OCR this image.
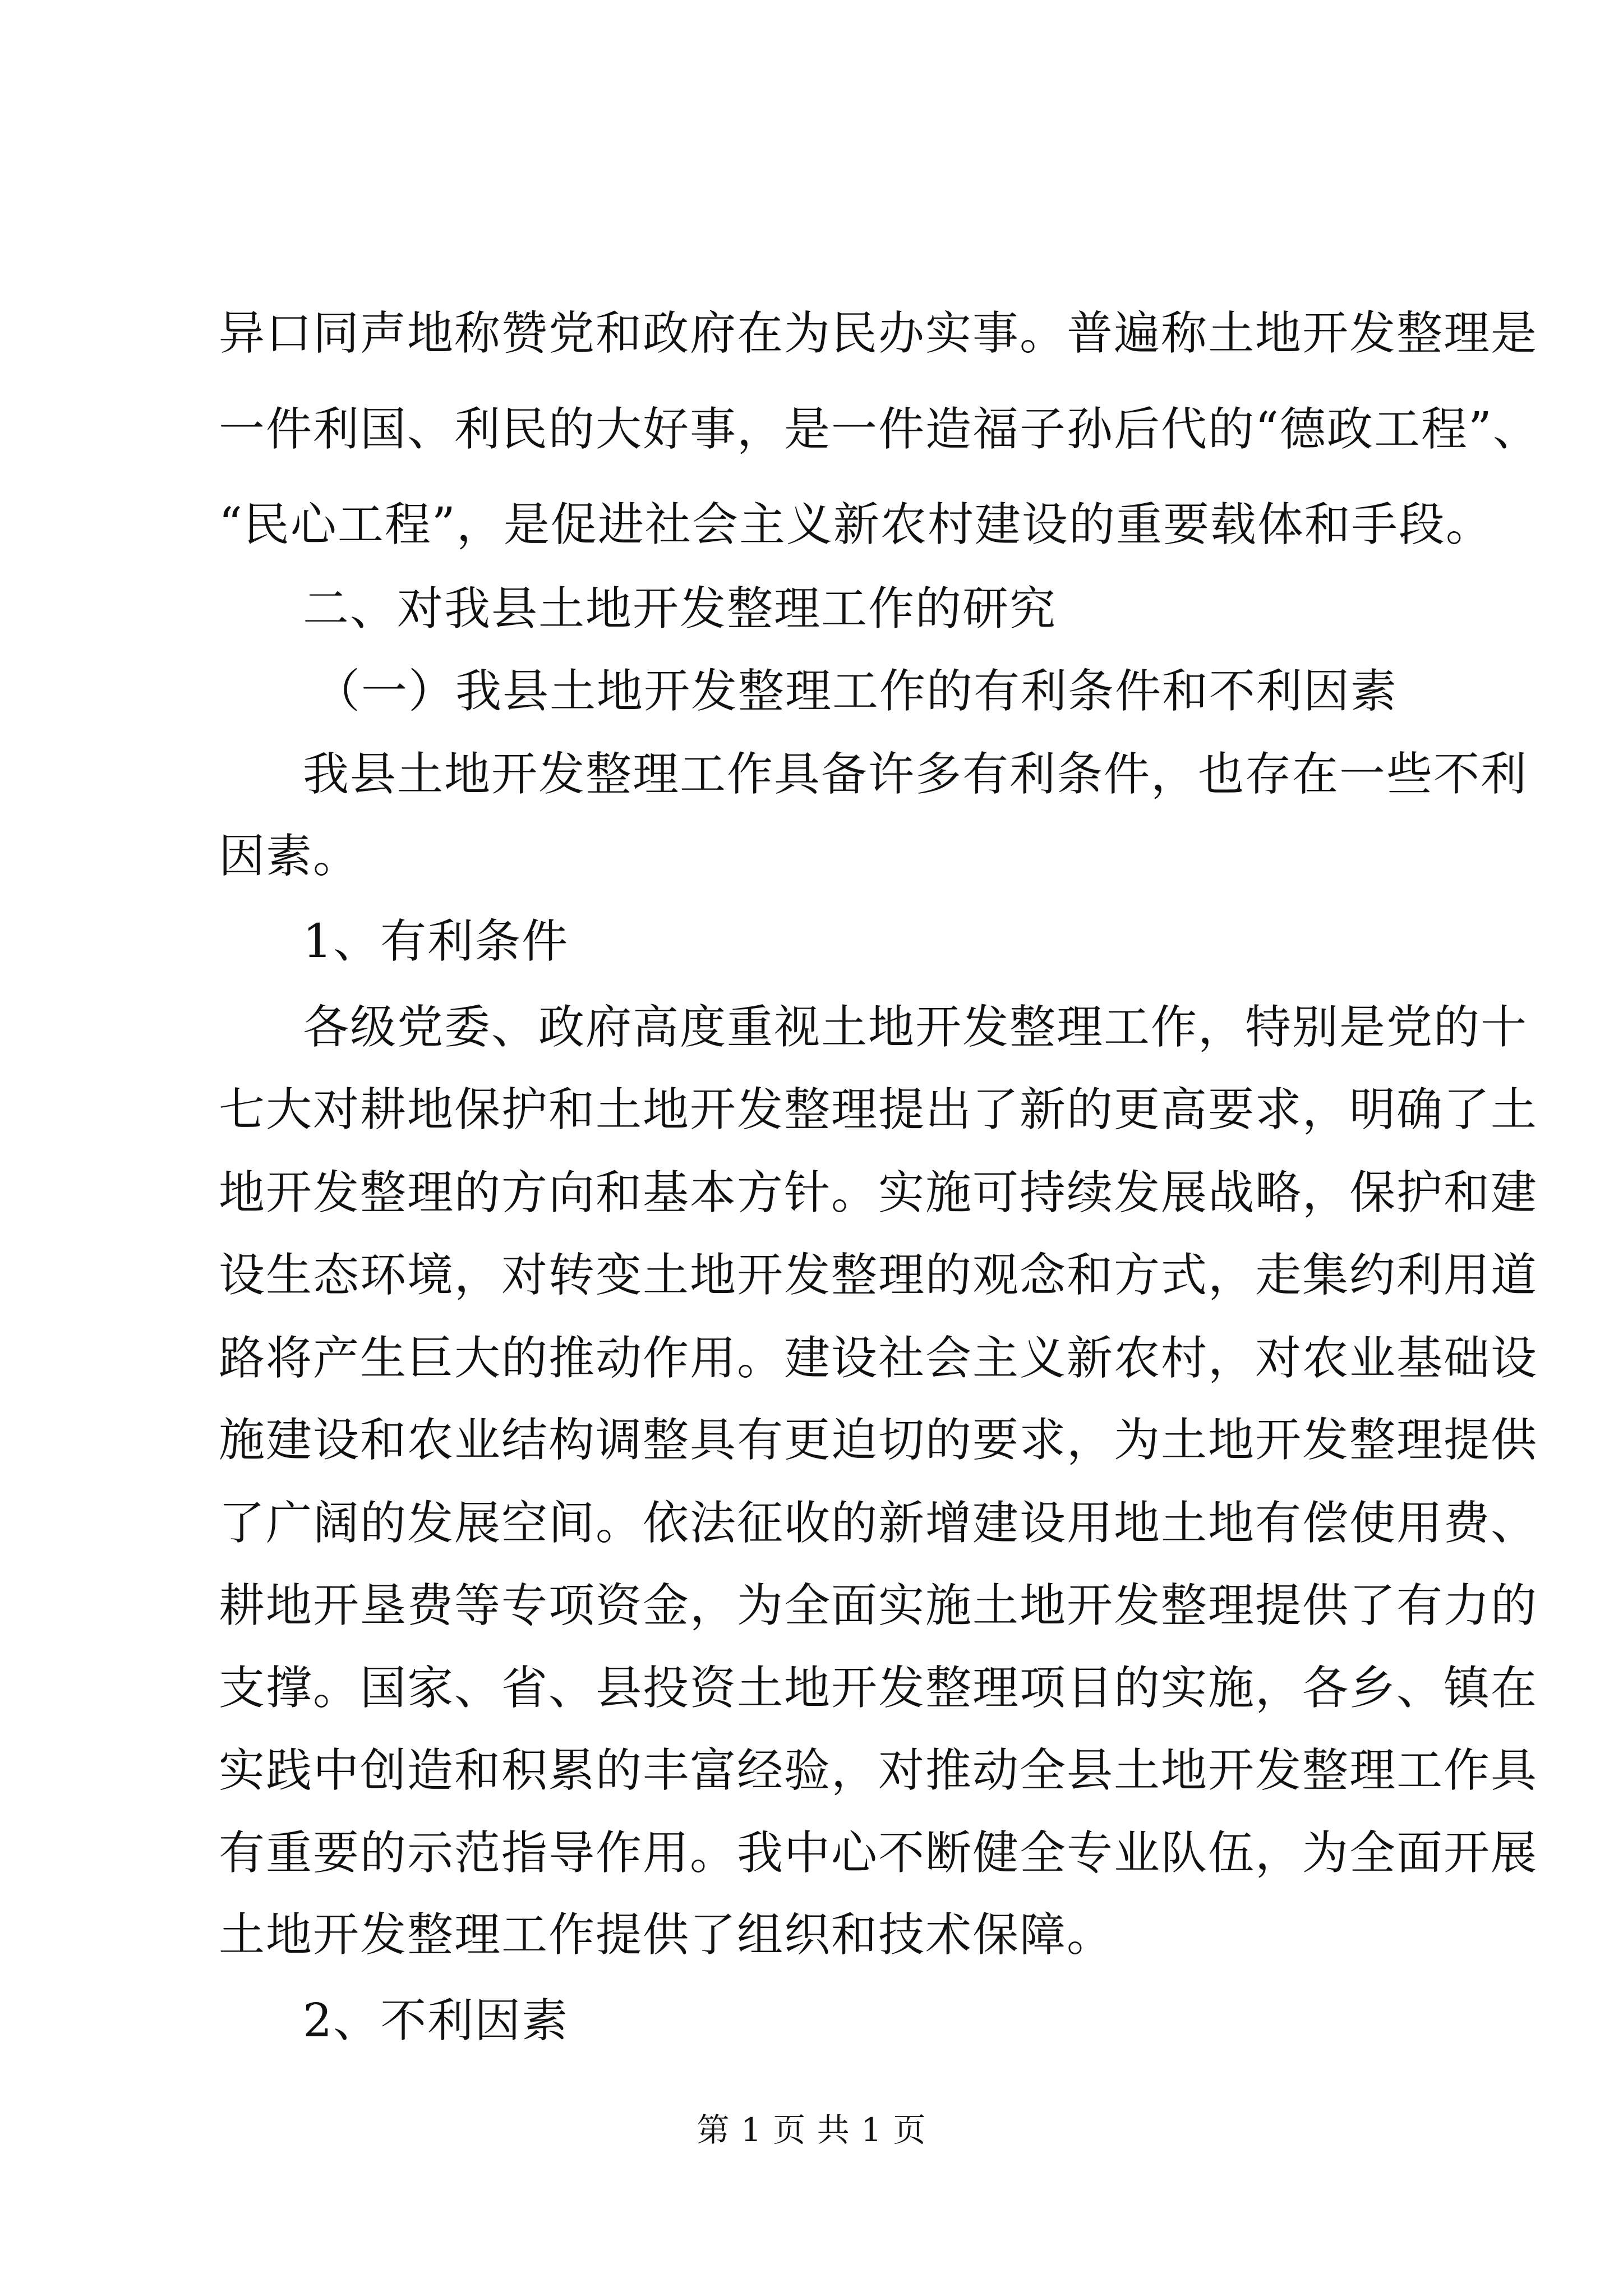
异口同声地称赞党和政府在为民办实事。普遍称土地开发整理是
一件利国、利民的大好事，是一件造福子孙后代的“德政工程”、
“民心工程”，是促进社会主义新农村建设的重要载体和手段。
二、对我县土地开发整理工作的研究
（一）我县土地开发整理工作的有利条件和不利因素
我县土地开发整理工作具备许多有利条件，也存在一些不利
因素。
1、有利条件
各级党委、政府高度重视土地开发整理工作，特别是党的十
七大对耕地保护和土地开发整理提出了新的更高要求，明确了土
地开发整理的方向和基本方针。实施可持续发展战略，保护和建
设生态环境，对转变土地开发整理的观念和方式，走集约利用道
路将产生巨大的推动作用。建设社会主义新农村，对农业基础设
施建设和农业结构调整具有更迫切的要求，为土地开发整理提供
了广阔的发展空间。依法征收的新增建设用地土地有偿使用费、
耕地开垦费等专项资金，为全面实施土地开发整理提供了有力的
支撑。国家、省、县投资土地开发整理项目的实施，各乡、镇在
实践中创造和积累的丰富经验，对推动全县土地开发整理工作具
有重要的示范指导作用。我中心不断健全专业队伍，为全面开展
土地开发整理工作提供了组织和技术保障。
2、不利因素
第 1 页 共 1 页
